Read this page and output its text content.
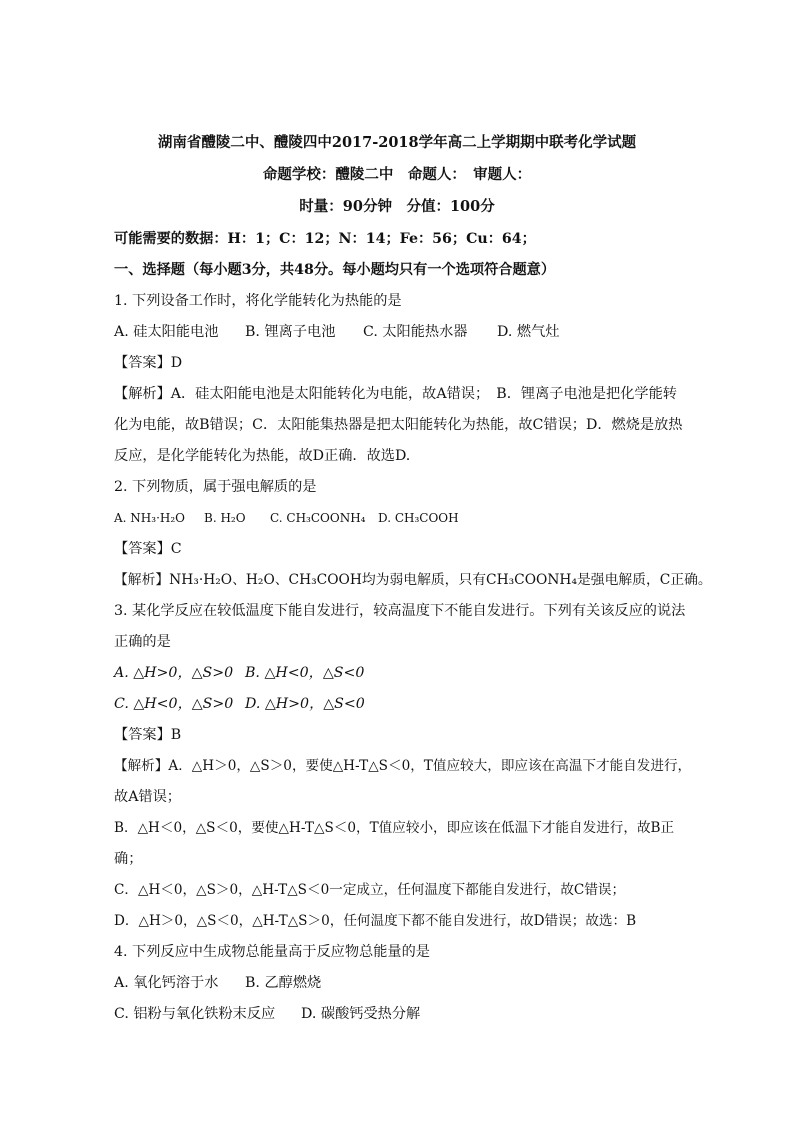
湖南省醴陵二中、醴陵四中2017-2018学年高二上学期期中联考化学试题
命题学校：醴陵二中　命题人：　审题人：
时量：90分钟　分值：100分
可能需要的数据：H：1；C：12；N：14；Fe：56；Cu：64；
一、选择题（每小题3分，共48分。每小题均只有一个选项符合题意）
1. 下列设备工作时，将化学能转化为热能的是
A. 硅太阳能电池 B. 锂离子电池 C. 太阳能热水器 D. 燃气灶
【答案】D
【解析】A．硅太阳能电池是太阳能转化为电能，故A错误；　B．锂离子电池是把化学能转
化为电能，故B错误；C．太阳能集热器是把太阳能转化为热能，故C错误；D．燃烧是放热
反应，是化学能转化为热能，故D正确．故选D.
2. 下列物质，属于强电解质的是
A. NH₃·H₂O B. H₂O C. CH₃COONH₄ D. CH₃COOH
【答案】C
【解析】NH₃·H₂O、H₂O、CH₃COOH均为弱电解质，只有CH₃COONH₄是强电解质，C正确。
3. 某化学反应在较低温度下能自发进行，较高温度下不能自发进行。下列有关该反应的说法
正确的是
A. △H>0，△S>0 B. △H<0，△S<0
C. △H<0，△S>0 D. △H>0，△S<0
【答案】B
【解析】A．△H＞0，△S＞0，要使△H-T△S＜0，T值应较大，即应该在高温下才能自发进行，
故A错误；
B．△H＜0，△S＜0，要使△H-T△S＜0，T值应较小，即应该在低温下才能自发进行，故B正
确；
C．△H＜0，△S＞0，△H-T△S＜0一定成立，任何温度下都能自发进行，故C错误；
D．△H＞0，△S＜0，△H-T△S＞0，任何温度下都不能自发进行，故D错误；故选：B
4. 下列反应中生成物总能量高于反应物总能量的是
A. 氧化钙溶于水 B. 乙醇燃烧
C. 铝粉与氧化铁粉末反应 D. 碳酸钙受热分解
